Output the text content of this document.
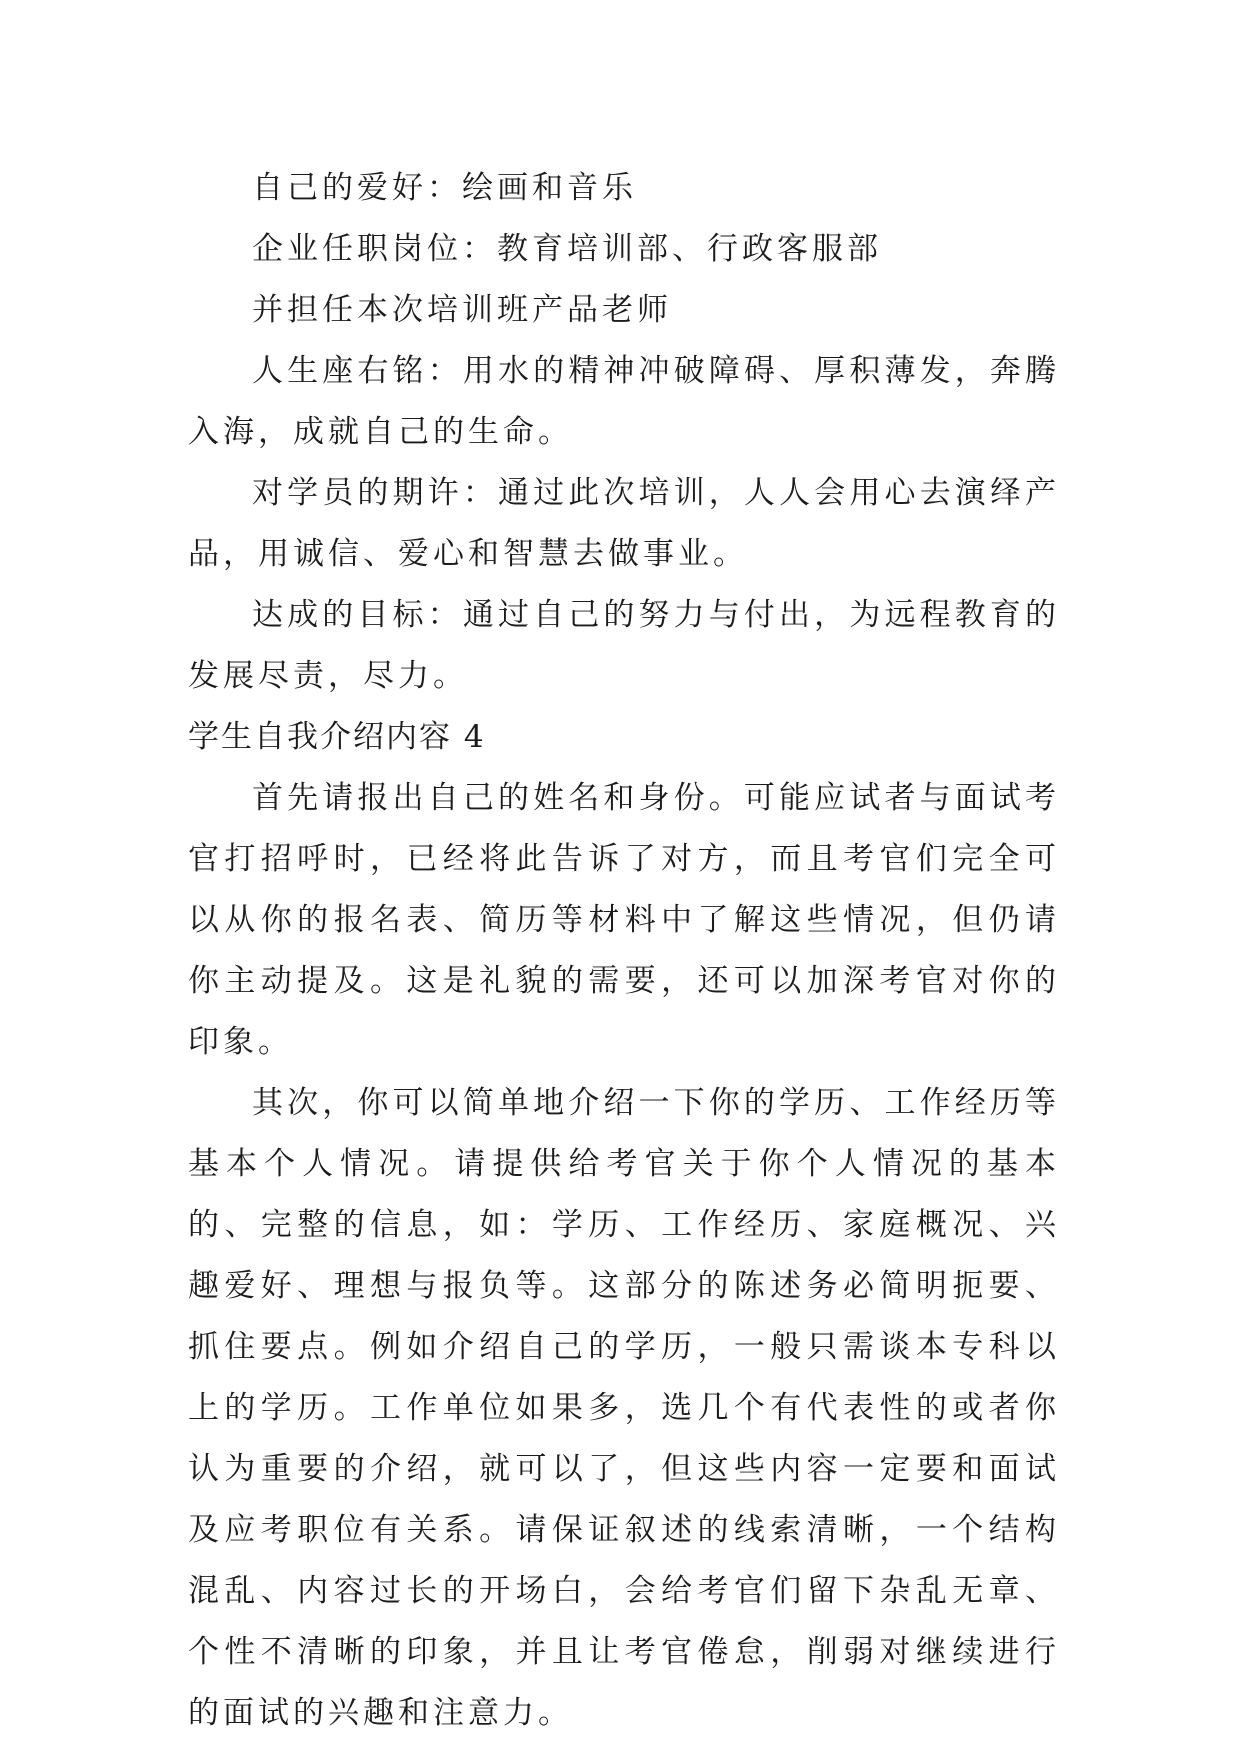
自己的爱好：绘画和音乐

企业任职岗位：教育培训部、行政客服部

并担任本次培训班产品老师

人生座右铭：用水的精神冲破障碍、厚积薄发，奔腾入海，成就自己的生命。

对学员的期许：通过此次培训，人人会用心去演绎产品，用诚信、爱心和智慧去做事业。

达成的目标：通过自己的努力与付出，为远程教育的发展尽责，尽力。

学生自我介绍内容 4

首先请报出自己的姓名和身份。可能应试者与面试考官打招呼时，已经将此告诉了对方，而且考官们完全可以从你的报名表、简历等材料中了解这些情况，但仍请你主动提及。这是礼貌的需要，还可以加深考官对你的印象。

其次，你可以简单地介绍一下你的学历、工作经历等基本个人情况。请提供给考官关于你个人情况的基本的、完整的信息，如：学历、工作经历、家庭概况、兴趣爱好、理想与报负等。这部分的陈述务必简明扼要、抓住要点。例如介绍自己的学历，一般只需谈本专科以上的学历。工作单位如果多，选几个有代表性的或者你认为重要的介绍，就可以了，但这些内容一定要和面试及应考职位有关系。请保证叙述的线索清晰，一个结构混乱、内容过长的开场白，会给考官们留下杂乱无章、个性不清晰的印象，并且让考官倦怠，削弱对继续进行的面试的兴趣和注意力。
